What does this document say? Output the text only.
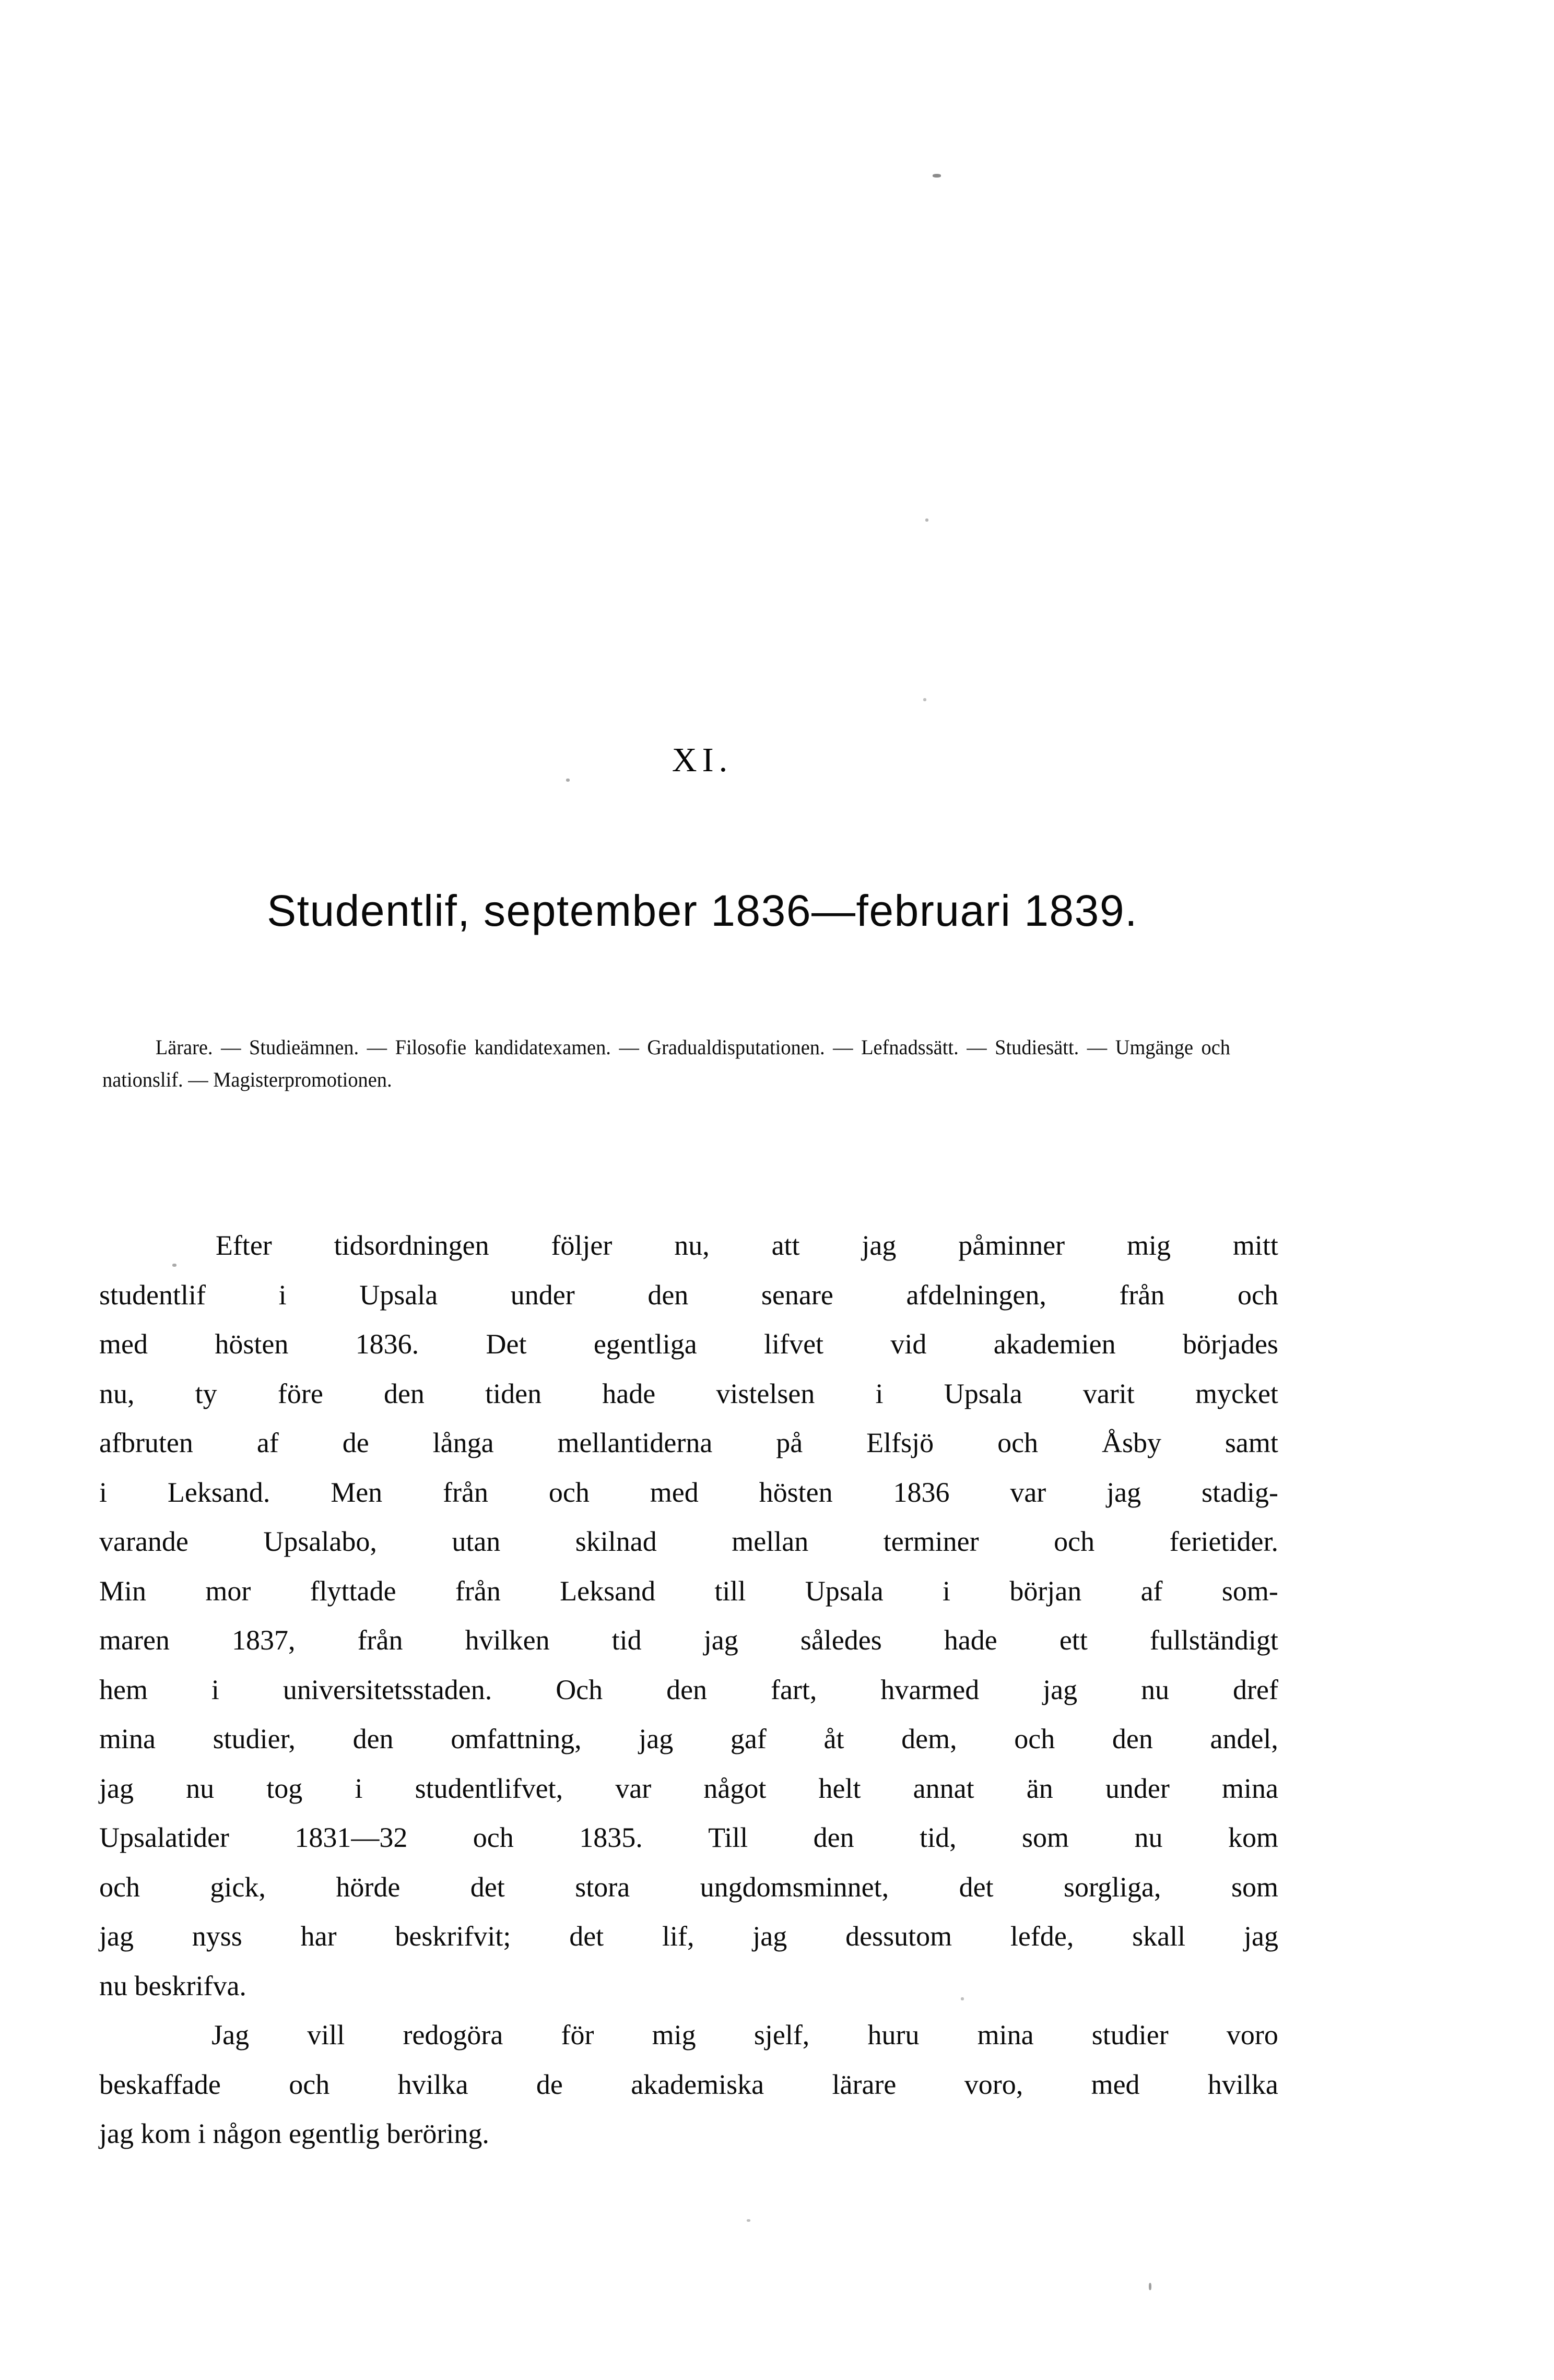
XI.
Studentlif, september 1836—februari 1839.
Lärare. — Studieämnen. — Filosofie kandidatexamen. — Gradualdisputationen. — Lefnadssätt. — Studiesätt. — Umgänge och nationslif. — Magisterpromotionen.

Efter tidsordningen följer nu, att jag påminner mig mitt
studentlif	i	Upsala	under	den	senare	afdelningen,	från	och
med hösten 1836. Det egentliga lifvet vid akademien börjades
nu, ty före den tiden hade vistelsen i Upsala varit mycket
afbruten af de långa mellantiderna på Elfsjö och Åsby samt
i Leksand. Men från och med hösten 1836 var jag stadig-
varande	Upsalabo,	utan	skilnad	mellan	terminer	och	ferietider.
Min mor flyttade från Leksand till Upsala i början af som-
maren 1837, från hvilken tid jag således hade ett fullständigt
hem i universitetsstaden. Och den fart, hvarmed jag nu dref
mina studier, den omfattning, jag gaf åt dem, och den andel,
jag nu tog i studentlifvet, var något helt annat än under mina
Upsalatider 1831—32 och 1835. Till den tid, som nu kom
och gick, hörde det stora ungdomsminnet, det sorgliga, som
jag nyss har beskrifvit; det lif, jag dessutom lefde, skall jag
nu beskrifva.

Jag vill redogöra för mig sjelf, huru mina studier voro
beskaffade och hvilka de akademiska lärare voro, med hvilka
jag kom i någon egentlig beröring.
